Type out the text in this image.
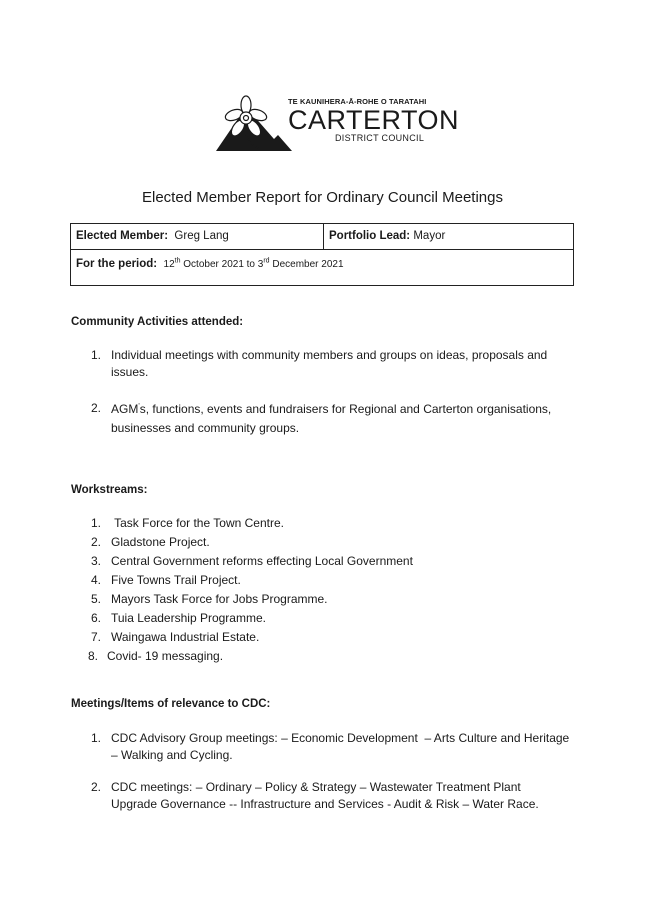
TE KAUNIHERA-Ā-ROHE O TARATAHI
CARTERTON
DISTRICT COUNCIL
Elected Member Report for Ordinary Council Meetings
Elected Member: Greg Lang	Portfolio Lead: Mayor
For the period: 12th October 2021 to 3rd December 2021
Community Activities attended:
1. Individual meetings with community members and groups on ideas, proposals and
issues.
2. AGM's, functions, events and fundraisers for Regional and Carterton organisations,
businesses and community groups.
Workstreams:
1. Task Force for the Town Centre.
2. Gladstone Project.
3. Central Government reforms effecting Local Government
4. Five Towns Trail Project.
5. Mayors Task Force for Jobs Programme.
6. Tuia Leadership Programme.
7. Waingawa Industrial Estate.
8. Covid- 19 messaging.
Meetings/Items of relevance to CDC:
1. CDC Advisory Group meetings: – Economic Development  – Arts Culture and Heritage
– Walking and Cycling.
2. CDC meetings: – Ordinary – Policy & Strategy – Wastewater Treatment Plant
Upgrade Governance -- Infrastructure and Services - Audit & Risk – Water Race.
